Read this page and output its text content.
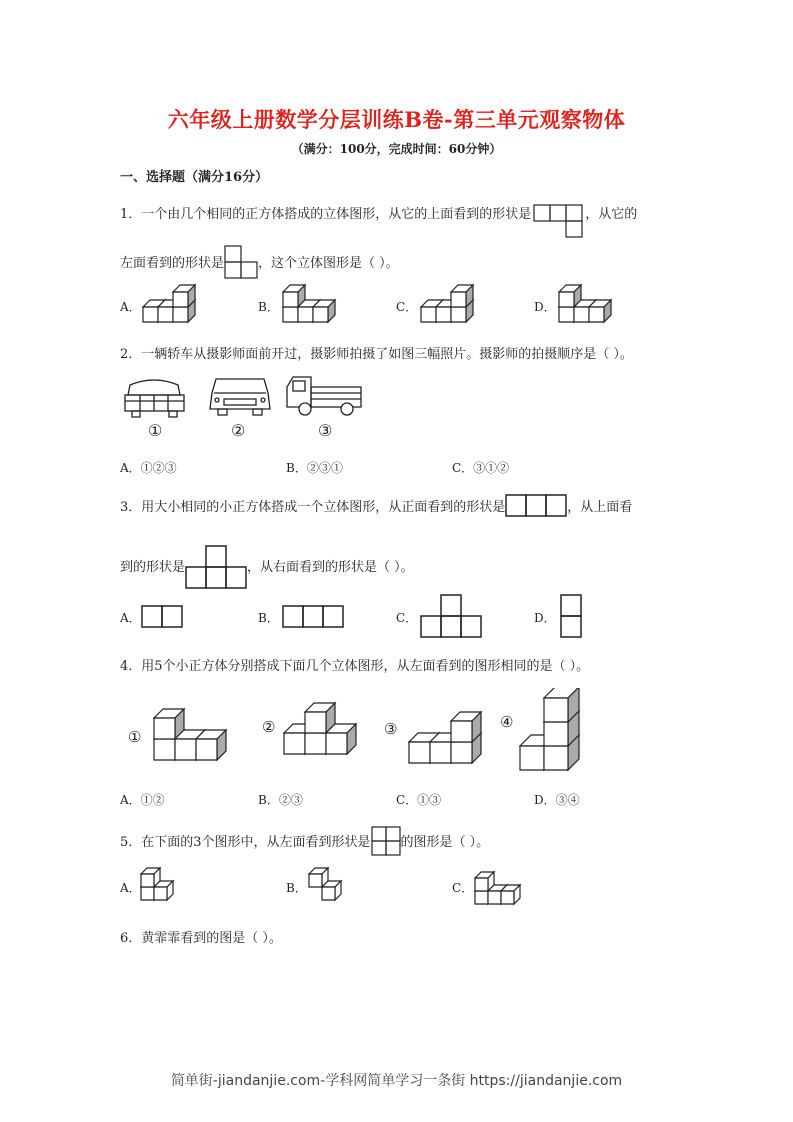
六年级上册数学分层训练B卷-第三单元观察物体
（满分：100分，完成时间：60分钟）
一、选择题（满分16分）
1．一个由几个相同的正方体搭成的立体图形，从它的上面看到的形状是	，从它的
左面看到的形状是	，这个立体图形是（ ）。
A．	B．	C．	D．
2．一辆轿车从摄影师面前开过，摄影师拍摄了如图三幅照片。摄影师的拍摄顺序是（ ）。
①	②	③
A．①②③	B．②③①	C．③①②
3．用大小相同的小正方体搭成一个立体图形，从正面看到的形状是	，从上面看
到的形状是	，从右面看到的形状是（ ）。
A．	B．	C．	D．
4．用5个小正方体分别搭成下面几个立体图形，从左面看到的图形相同的是（ ）。
①
②	③	④
A．①②	B．②③	C．①③	D．③④
5．在下面的3个图形中，从左面看到形状是 的图形是（ ）。
A．	B．	C．
6．黄霏霏看到的图是（ ）。
简单街-jiandanjie.com-学科网简单学习一条街 https://jiandanjie.com
